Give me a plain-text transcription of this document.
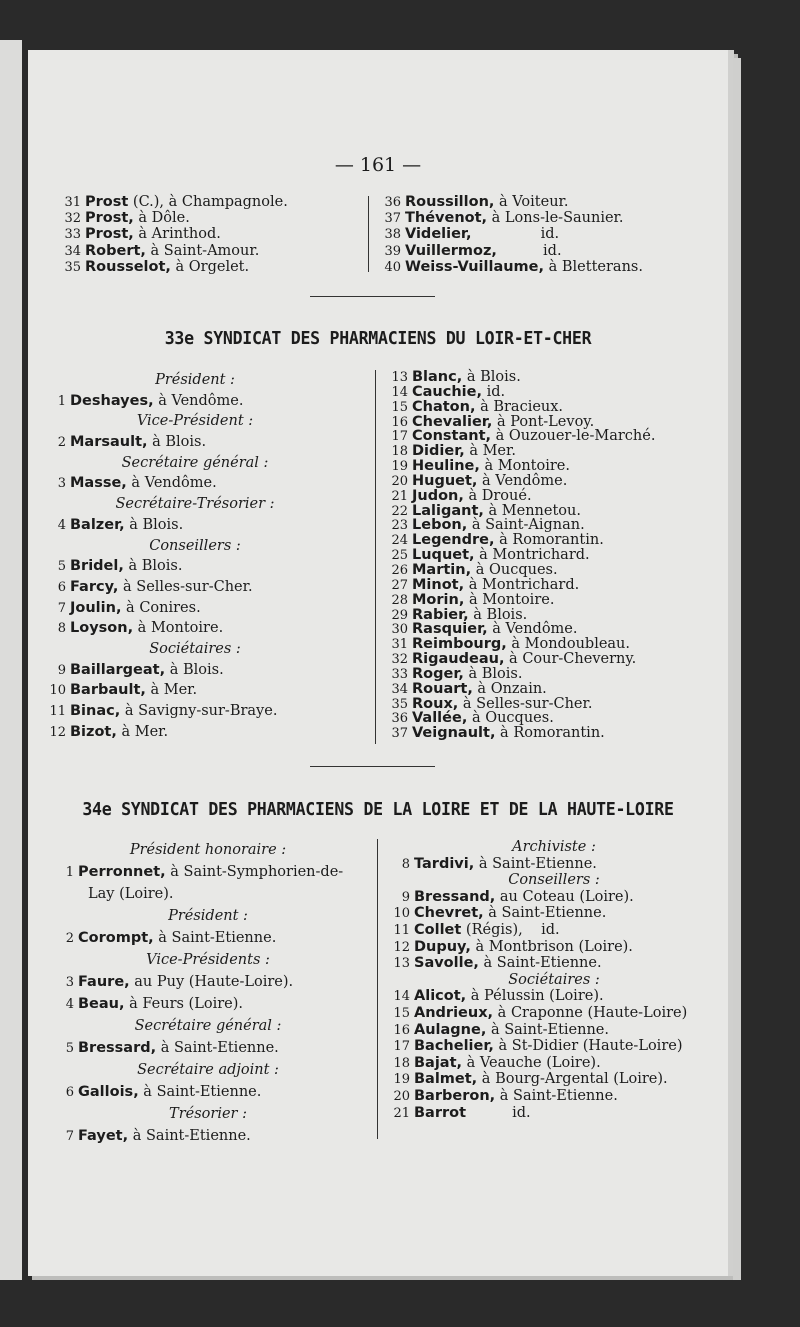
— 161 —
31 Prost (C.), à Champagnole.
32 Prost, à Dôle.
33 Prost, à Arinthod.
34 Robert, à Saint-Amour.
35 Rousselot, à Orgelet.
36 Roussillon, à Voiteur.
37 Thévenot, à Lons-le-Saunier.
38 Videlier,               id.
39 Vuillermoz,          id.
40 Weiss-Vuillaume, à Bletterans.
33e SYNDICAT DES PHARMACIENS DU LOIR-ET-CHER
Président :
1 Deshayes, à Vendôme.
Vice-Président :
2 Marsault, à Blois.
Secrétaire général :
3 Masse, à Vendôme.
Secrétaire-Trésorier :
4 Balzer, à Blois.
Conseillers :
5 Bridel, à Blois.
6 Farcy, à Selles-sur-Cher.
7 Joulin, à Conires.
8 Loyson, à Montoire.
Sociétaires :
9 Baillargeat, à Blois.
10 Barbault, à Mer.
11 Binac, à Savigny-sur-Braye.
12 Bizot, à Mer.
13 Blanc, à Blois.
14 Cauchie, id.
15 Chaton, à Bracieux.
16 Chevalier, à Pont-Levoy.
17 Constant, à Ouzouer-le-Marché.
18 Didier, à Mer.
19 Heuline, à Montoire.
20 Huguet, à Vendôme.
21 Judon, à Droué.
22 Laligant, à Mennetou.
23 Lebon, à Saint-Aignan.
24 Legendre, à Romorantin.
25 Luquet, à Montrichard.
26 Martin, à Oucques.
27 Minot, à Montrichard.
28 Morin, à Montoire.
29 Rabier, à Blois.
30 Rasquier, à Vendôme.
31 Reimbourg, à Mondoubleau.
32 Rigaudeau, à Cour-Cheverny.
33 Roger, à Blois.
34 Rouart, à Onzain.
35 Roux, à Selles-sur-Cher.
36 Vallée, à Oucques.
37 Veignault, à Romorantin.
34e SYNDICAT DES PHARMACIENS DE LA LOIRE ET DE LA HAUTE-LOIRE
Président honoraire :
1 Perronnet, à Saint-Symphorien-de-
Lay (Loire).
Président :
2 Corompt, à Saint-Etienne.
Vice-Présidents :
3 Faure, au Puy (Haute-Loire).
4 Beau, à Feurs (Loire).
Secrétaire général :
5 Bressard, à Saint-Etienne.
Secrétaire adjoint :
6 Gallois, à Saint-Etienne.
Trésorier :
7 Fayet, à Saint-Etienne.
Archiviste :
8 Tardivi, à Saint-Etienne.
Conseillers :
9 Bressand, au Coteau (Loire).
10 Chevret, à Saint-Etienne.
11 Collet (Régis),    id.
12 Dupuy, à Montbrison (Loire).
13 Savolle, à Saint-Etienne.
Sociétaires :
14 Alicot, à Pélussin (Loire).
15 Andrieux, à Craponne (Haute-Loire)
16 Aulagne, à Saint-Etienne.
17 Bachelier, à St-Didier (Haute-Loire)
18 Bajat, à Veauche (Loire).
19 Balmet, à Bourg-Argental (Loire).
20 Barberon, à Saint-Etienne.
21 Barrot          id.
